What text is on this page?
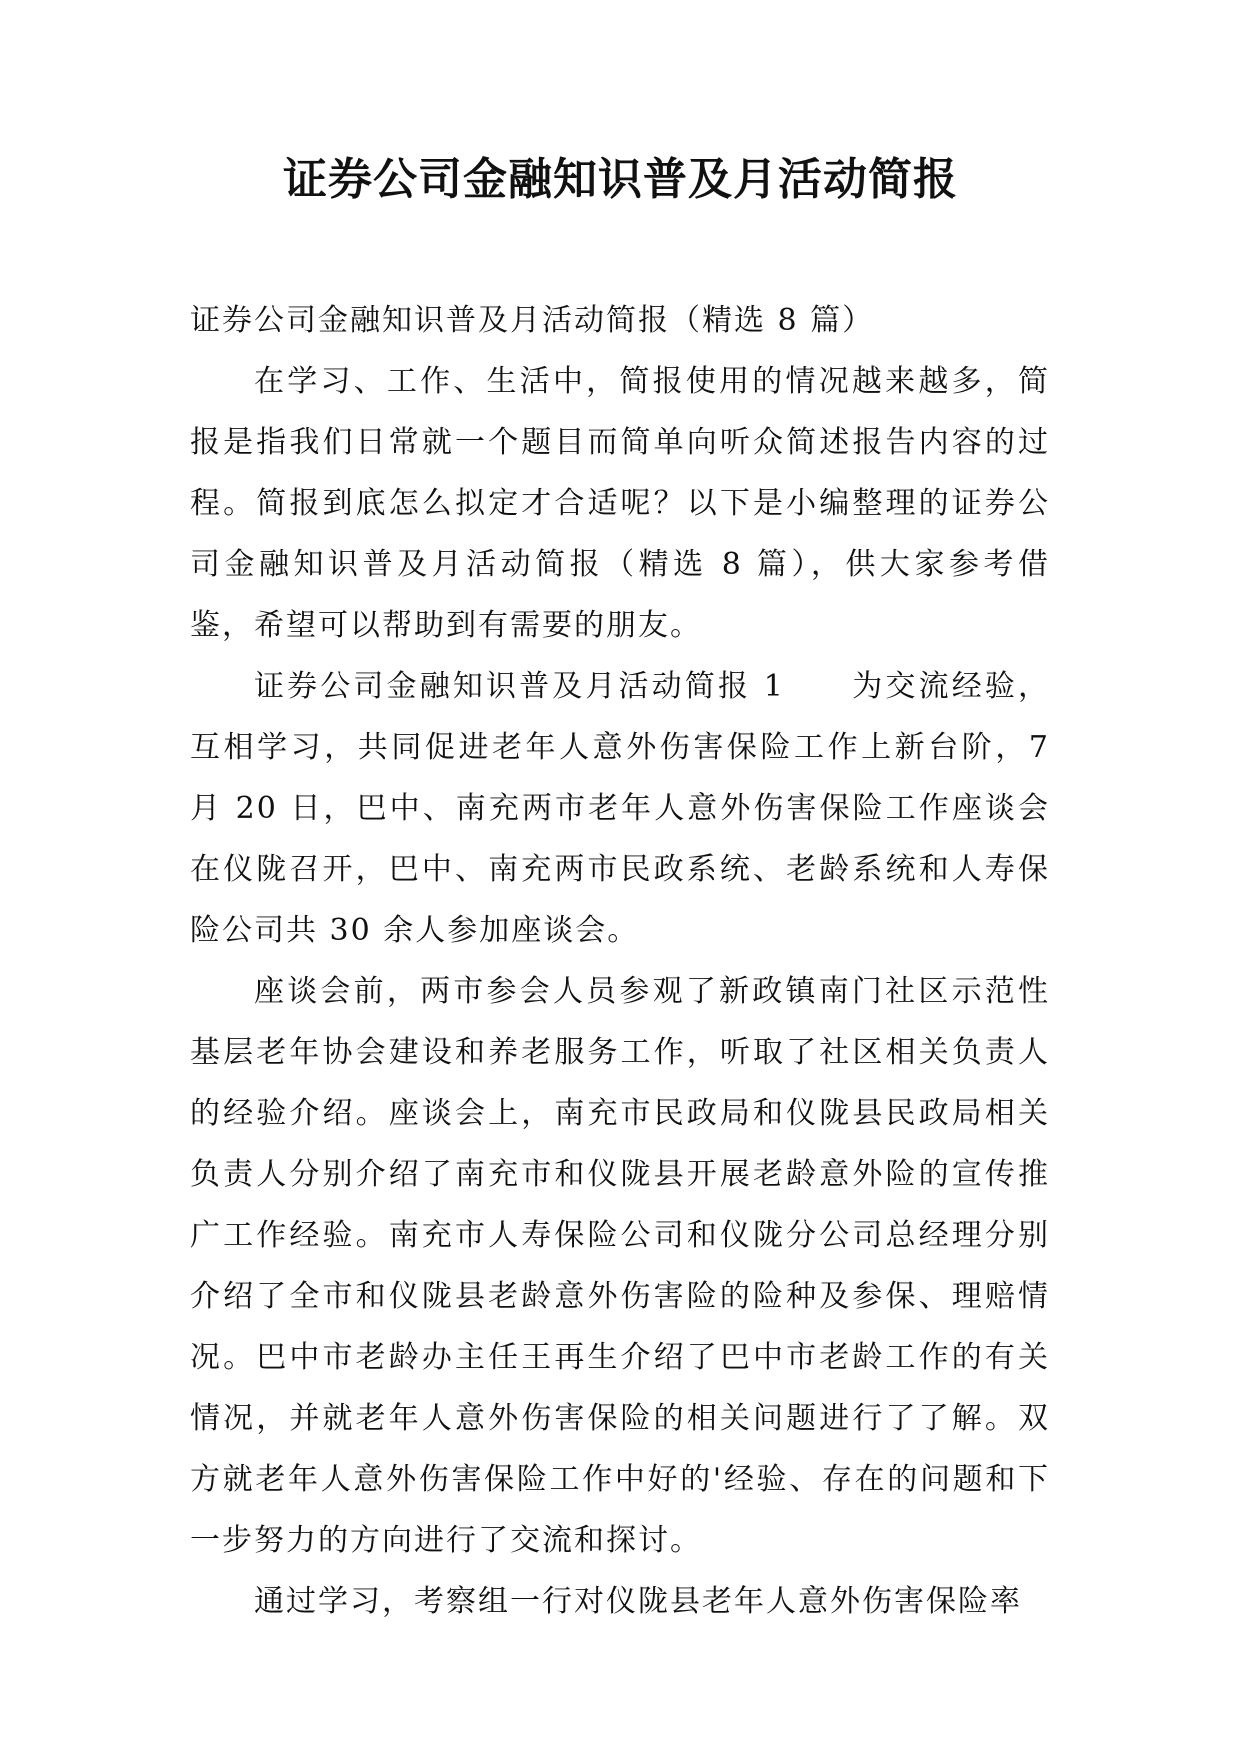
证券公司金融知识普及月活动简报

证券公司金融知识普及月活动简报（精选 8 篇）

在学习、工作、生活中，简报使用的情况越来越多，简报是指我们日常就一个题目而简单向听众简述报告内容的过程。简报到底怎么拟定才合适呢？以下是小编整理的证券公司金融知识普及月活动简报（精选 8 篇），供大家参考借鉴，希望可以帮助到有需要的朋友。

证券公司金融知识普及月活动简报 1　　为交流经验，互相学习，共同促进老年人意外伤害保险工作上新台阶，7 月 20 日，巴中、南充两市老年人意外伤害保险工作座谈会在仪陇召开，巴中、南充两市民政系统、老龄系统和人寿保险公司共 30 余人参加座谈会。

座谈会前，两市参会人员参观了新政镇南门社区示范性基层老年协会建设和养老服务工作，听取了社区相关负责人的经验介绍。座谈会上，南充市民政局和仪陇县民政局相关负责人分别介绍了南充市和仪陇县开展老龄意外险的宣传推广工作经验。南充市人寿保险公司和仪陇分公司总经理分别介绍了全市和仪陇县老龄意外伤害险的险种及参保、理赔情况。巴中市老龄办主任王再生介绍了巴中市老龄工作的有关情况，并就老年人意外伤害保险的相关问题进行了了解。双方就老年人意外伤害保险工作中好的'经验、存在的问题和下一步努力的方向进行了交流和探讨。

通过学习，考察组一行对仪陇县老年人意外伤害保险率
